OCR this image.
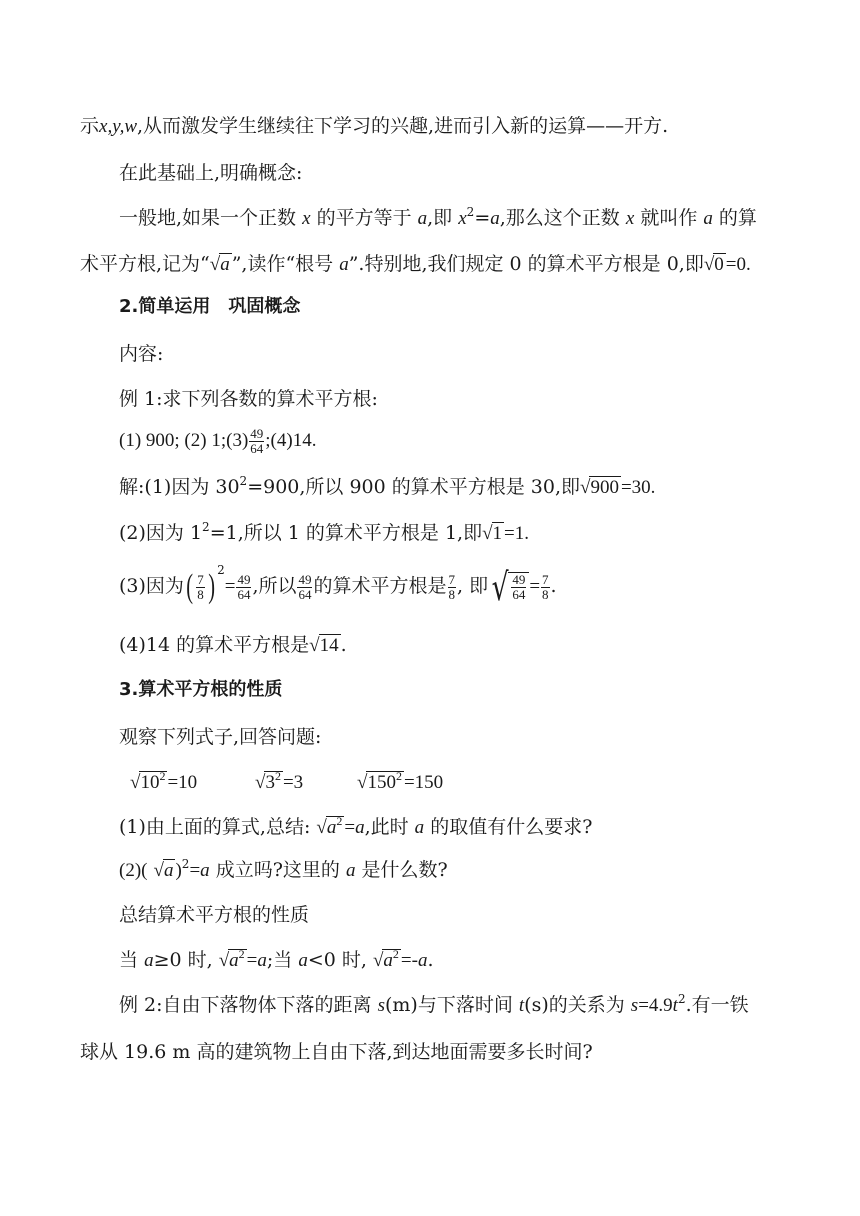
示x,y,w,从而激发学生继续往下学习的兴趣,进而引入新的运算——开方.
在此基础上,明确概念:
一般地,如果一个正数 x 的平方等于 a,即 $x^2=a$,那么这个正数 x 就叫作 a 的算
术平方根,记为“√a ”,读作“根号 a”.特别地,我们规定 0 的算术平方根是 0,即√0 =0.
2.简单运用　巩固概念
内容:
例 1:求下列各数的算术平方根:
(1) 900; (2) 1;(3) $\frac{49}{64}$ ;(4)14.
解:(1)因为 $30^2=900$,所以 900 的算术平方根是 30,即√900 =30.
(2)因为 $1^2=1$,所以 1 的算术平方根是 1,即√1 =1.
(3)因为( $\frac{7}{8}$ ) $^2= \frac{49}{64}$ ,所以 $\frac{49}{64}$ 的算术平方根是 $\frac{7}{8}$ , 即√ $\frac{49}{64} = \frac{7}{8}$ .
(4)14 的算术平方根是√14 .
3.算术平方根的性质
观察下列式子,回答问题:
$√10^2 =10$	$√3^2 =3$	$√150^2 =150$
(1)由上面的算式,总结: $√a^2 =a$,此时 a 的取值有什么要求?
(2)( √a )$^2$=a 成立吗?这里的 a 是什么数?
总结算术平方根的性质
当 a≥0 时, $√a^2 =a$;当 a<0 时, $√a^2 =-a$.
例 2:自由下落物体下落的距离 s(m)与下落时间 t(s)的关系为 $s=4.9t^2$.有一铁
球从 19.6 m 高的建筑物上自由下落,到达地面需要多长时间?
